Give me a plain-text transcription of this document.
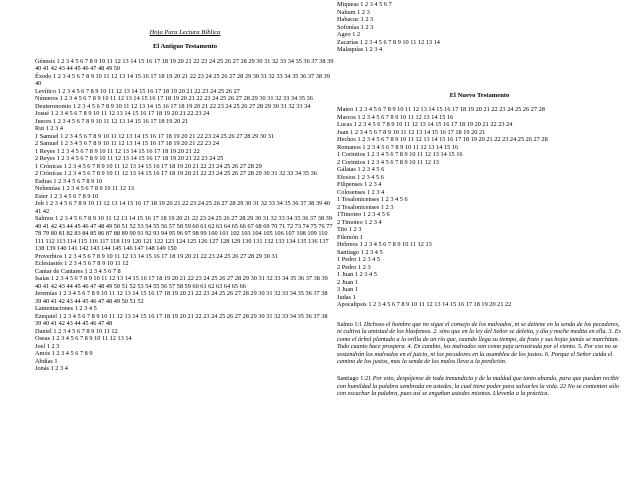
Hoja Para Lectura Bíblica
El Antiguo Testamento
Génesis 1 2 3 4 5 6 7 8 9 10 11 12 13 14 15 16 17 18 19 20 21 22 23 24 25 26 27 28 29 30 31 32 33 34 35 36 37 38 39 40 41 42 43 44 45 46 47 48 49 50
Éxodo 1 2 3 4 5 6 7 8 9 10 11 12 13 14 15 16 17 18 19 20 21 22 23 24 25 26 27 28 29 30 31 32 33 34 35 36 37 38 39 40
Levítico 1 2 3 4 5 6 7 8 9 10 11 12 13 14 15 16 17 18 19 20 21 22 23 24 25 26 27
Números 1 2 3 4 5 6 7 8 9 10 11 12 13 14 15 16 17 18 19 20 21 22 23 24 25 26 27 28 29 30 31 32 33 34 35 36
Deuteronomio 1 2 3 4 5 6 7 8 9 10 11 12 13 14 15 16 17 18 19 20 21 22 23 24 25 26 27 28 29 30 31 32 33 34
Josué 1 2 3 4 5 6 7 8 9 10 11 12 13 14 15 16 17 18 19 20 21 22 23 24
Jueces 1 2 3 4 5 6 7 8 9 10 11 12 13 14 15 16 17 18 19 20 21
Rut 1 2 3 4
1 Samuel 1 2 3 4 5 6 7 8 9 10 11 12 13 14 15 16 17 18 19 20 21 22 23 24 25 26 27 28 29 30 31
2 Samuel 1 2 3 4 5 6 7 8 9 10 11 12 13 14 15 16 17 18 19 20 21 22 23 24
1 Reyes 1 2 3 4 5 6 7 8 9 10 11 12 13 14 15 16 17 18 19 20 21 22
2 Reyes 1 2 3 4 5 6 7 8 9 10 11 12 13 14 15 16 17 18 19 20 21 22 23 24 25
1 Crónicas 1 2 3 4 5 6 7 8 9 10 11 12 13 14 15 16 17 18 19 20 21 22 23 24 25 26 27 28 29
2 Crónicas 1 2 3 4 5 6 7 8 9 10 11 12 13 14 15 16 17 18 19 20 21 22 23 24 25 26 27 28 29 30 31 32 33 34 35 36
Esdras 1 2 3 4 5 6 7 8 9 10
Nehemías 1 2 3 4 5 6 7 8 9 10 11 12 13
Ester 1 2 3 4 5 6 7 8 9 10
Job 1 2 3 4 5 6 7 8 9 10 11 12 13 14 15 16 17 18 19 20 21 22 23 24 25 26 27 28 29 30 31 32 33 34 35 36 37 38 39 40 41 42
Salmos 1 2 3 4 5 6 7 8 9 10 11 12 13 14 15 16 17 18 19 20 21 22 23 24 25 26 27 28 29 30 31 32 33 34 35 36 37 38 39 40 41 42 43 44 45 46 47 48 49 50 51 52 53 54 55 56 57 58 59 60 61 62 63 64 65 66 67 68 69 70 71 72 73 74 75 76 77 78 79 80 81 82 83 84 85 86 87 88 89 90 91 92 93 94 95 96 97 98 99 100 101 102 103 104 105 106 107 108 109 110 111 112 113 114 115 116 117 118 119 120 121 122 123 124 125 126 127 128 129 130 131 132 133 134 135 136 137 138 139 140 141 142 143 144 145 146 147 148 149 150
Proverbios 1 2 3 4 5 6 7 8 9 10 11 12 13 14 15 16 17 18 19 20 21 22 23 24 25 26 27 28 29 30 31
Eclesiastés 1 2 3 4 5 6 7 8 9 10 11 12
Cantar de Cantares 1 2 3 4 5 6 7 8
Isaías 1 2 3 4 5 6 7 8 9 10 11 12 13 14 15 16 17 18 19 20 21 22 23 24 25 26 27 28 29 30 31 32 33 34 35 36 37 38 39 40 41 42 43 44 45 46 47 48 49 50 51 52 53 54 55 56 57 58 59 60 61 62 63 64 65 66
Jeremías 1 2 3 4 5 6 7 8 9 10 11 12 13 14 15 16 17 18 19 20 21 22 23 24 25 26 27 28 29 30 31 32 33 34 35 36 37 38 39 40 41 42 43 44 45 46 47 48 49 50 51 52
Lamentaciones 1 2 3 4 5
Ezequiel 1 2 3 4 5 6 7 8 9 10 11 12 13 14 15 16 17 18 19 20 21 22 23 24 25 26 27 28 29 30 31 32 33 34 35 36 37 38 39 40 41 42 43 44 45 46 47 48
Daniel 1 2 3 4 5 6 7 8 9 10 11 12
Oseas 1 2 3 4 5 6 7 8 9 10 11 12 13 14
Joel 1 2 3
Amós 1 2 3 4 5 6 7 8 9
Abdías 1
Jonás 1 2 3 4
Miqueas 1 2 3 4 5 6 7
Nahum 1 2 3
Habacuc 1 2 3
Sofonías 1 2 3
Ageo 1 2
Zacarías 1 2 3 4 5 6 7 8 9 10 11 12 13 14
Malaquías 1 2 3 4
El Nuevo Testamento
Mateo 1 2 3 4 5 6 7 8 9 10 11 12 13 14 15 16 17 18 19 20 21 22 23 24 25 26 27 28
Marcos 1 2 3 4 5 6 7 8 9 10 11 12 13 14 15 16
Lucas 1 2 3 4 5 6 7 8 9 10 11 12 13 14 15 16 17 18 19 20 21 22 23 24
Juan 1 2 3 4 5 6 7 8 9 10 11 12 13 14 15 16 17 18 19 20 21
Hechos 1 2 3 4 5 6 7 8 9 10 11 12 13 14 15 16 17 18 19 20 21 22 23 24 25 26 27 28
Romanos 1 2 3 4 5 6 7 8 9 10 11 12 13 14 15 16
1 Corintios 1 2 3 4 5 6 7 8 9 10 11 12 13 14 15 16
2 Corintios 1 2 3 4 5 6 7 8 9 10 11 12 13
Gálatas 1 2 3 4 5 6
Efesios 1 2 3 4 5 6
Filipenses 1 2 3 4
Colosenses 1 2 3 4
1 Tesalonicenses 1 2 3 4 5 6
2 Tesalonicenses 1 2 3
1Timoteo 1 2 3 4 5 6
2 Timoteo 1 2 3 4
Tito 1 2 3
Filemón 1
Hebreos 1 2 3 4 5 6 7 8 9 10 11 12 13
Santiago 1 2 3 4 5
1 Pedro 1 2 3 4 5
2 Pedro 1 2 3
1 Juan 1 2 3 4 5
2 Juan 1
3 Juan 1
Judas 1
Apocalipsis 1 2 3 4 5 6 7 8 9 10 11 12 13 14 15 16 17 18 19 20 21 22
Salmo 1:1 Dichoso el hombre que no sigue el consejo de los malvados, ni se detiene en la senda de los pecadores, ni cultiva la amistad de los blasfemos. 2. sino que en la ley del Señor se deleita, y día y noche medita en ella. 3. Es como el árbol plantado a la orilla de un río que, cuando llega su tiempo, da fruto y sus hojas jamás se marchitan. Todo cuanto hace prospera. 4. En cambio, los malvados son como paja arrastrada por el viento. 5. Por eso no se sostendrán los malvados en el juicio, ni los pecadores en la asamblea de los justos. 6. Porque el Señor cuida el camino de los justos, mas la senda de los malos lleva a la perdición.
Santiago 1:21 Por esto, despójense de toda inmundicia y de la maldad que tanto abunda, para que puedan recibir con humildad la palabra sembrada en ustedes, la cual tiene poder para salvarles la vida. 22 No se contenten sólo con escuchar la palabra, pues así se engañan ustedes mismos. Llévenla a la práctica.
